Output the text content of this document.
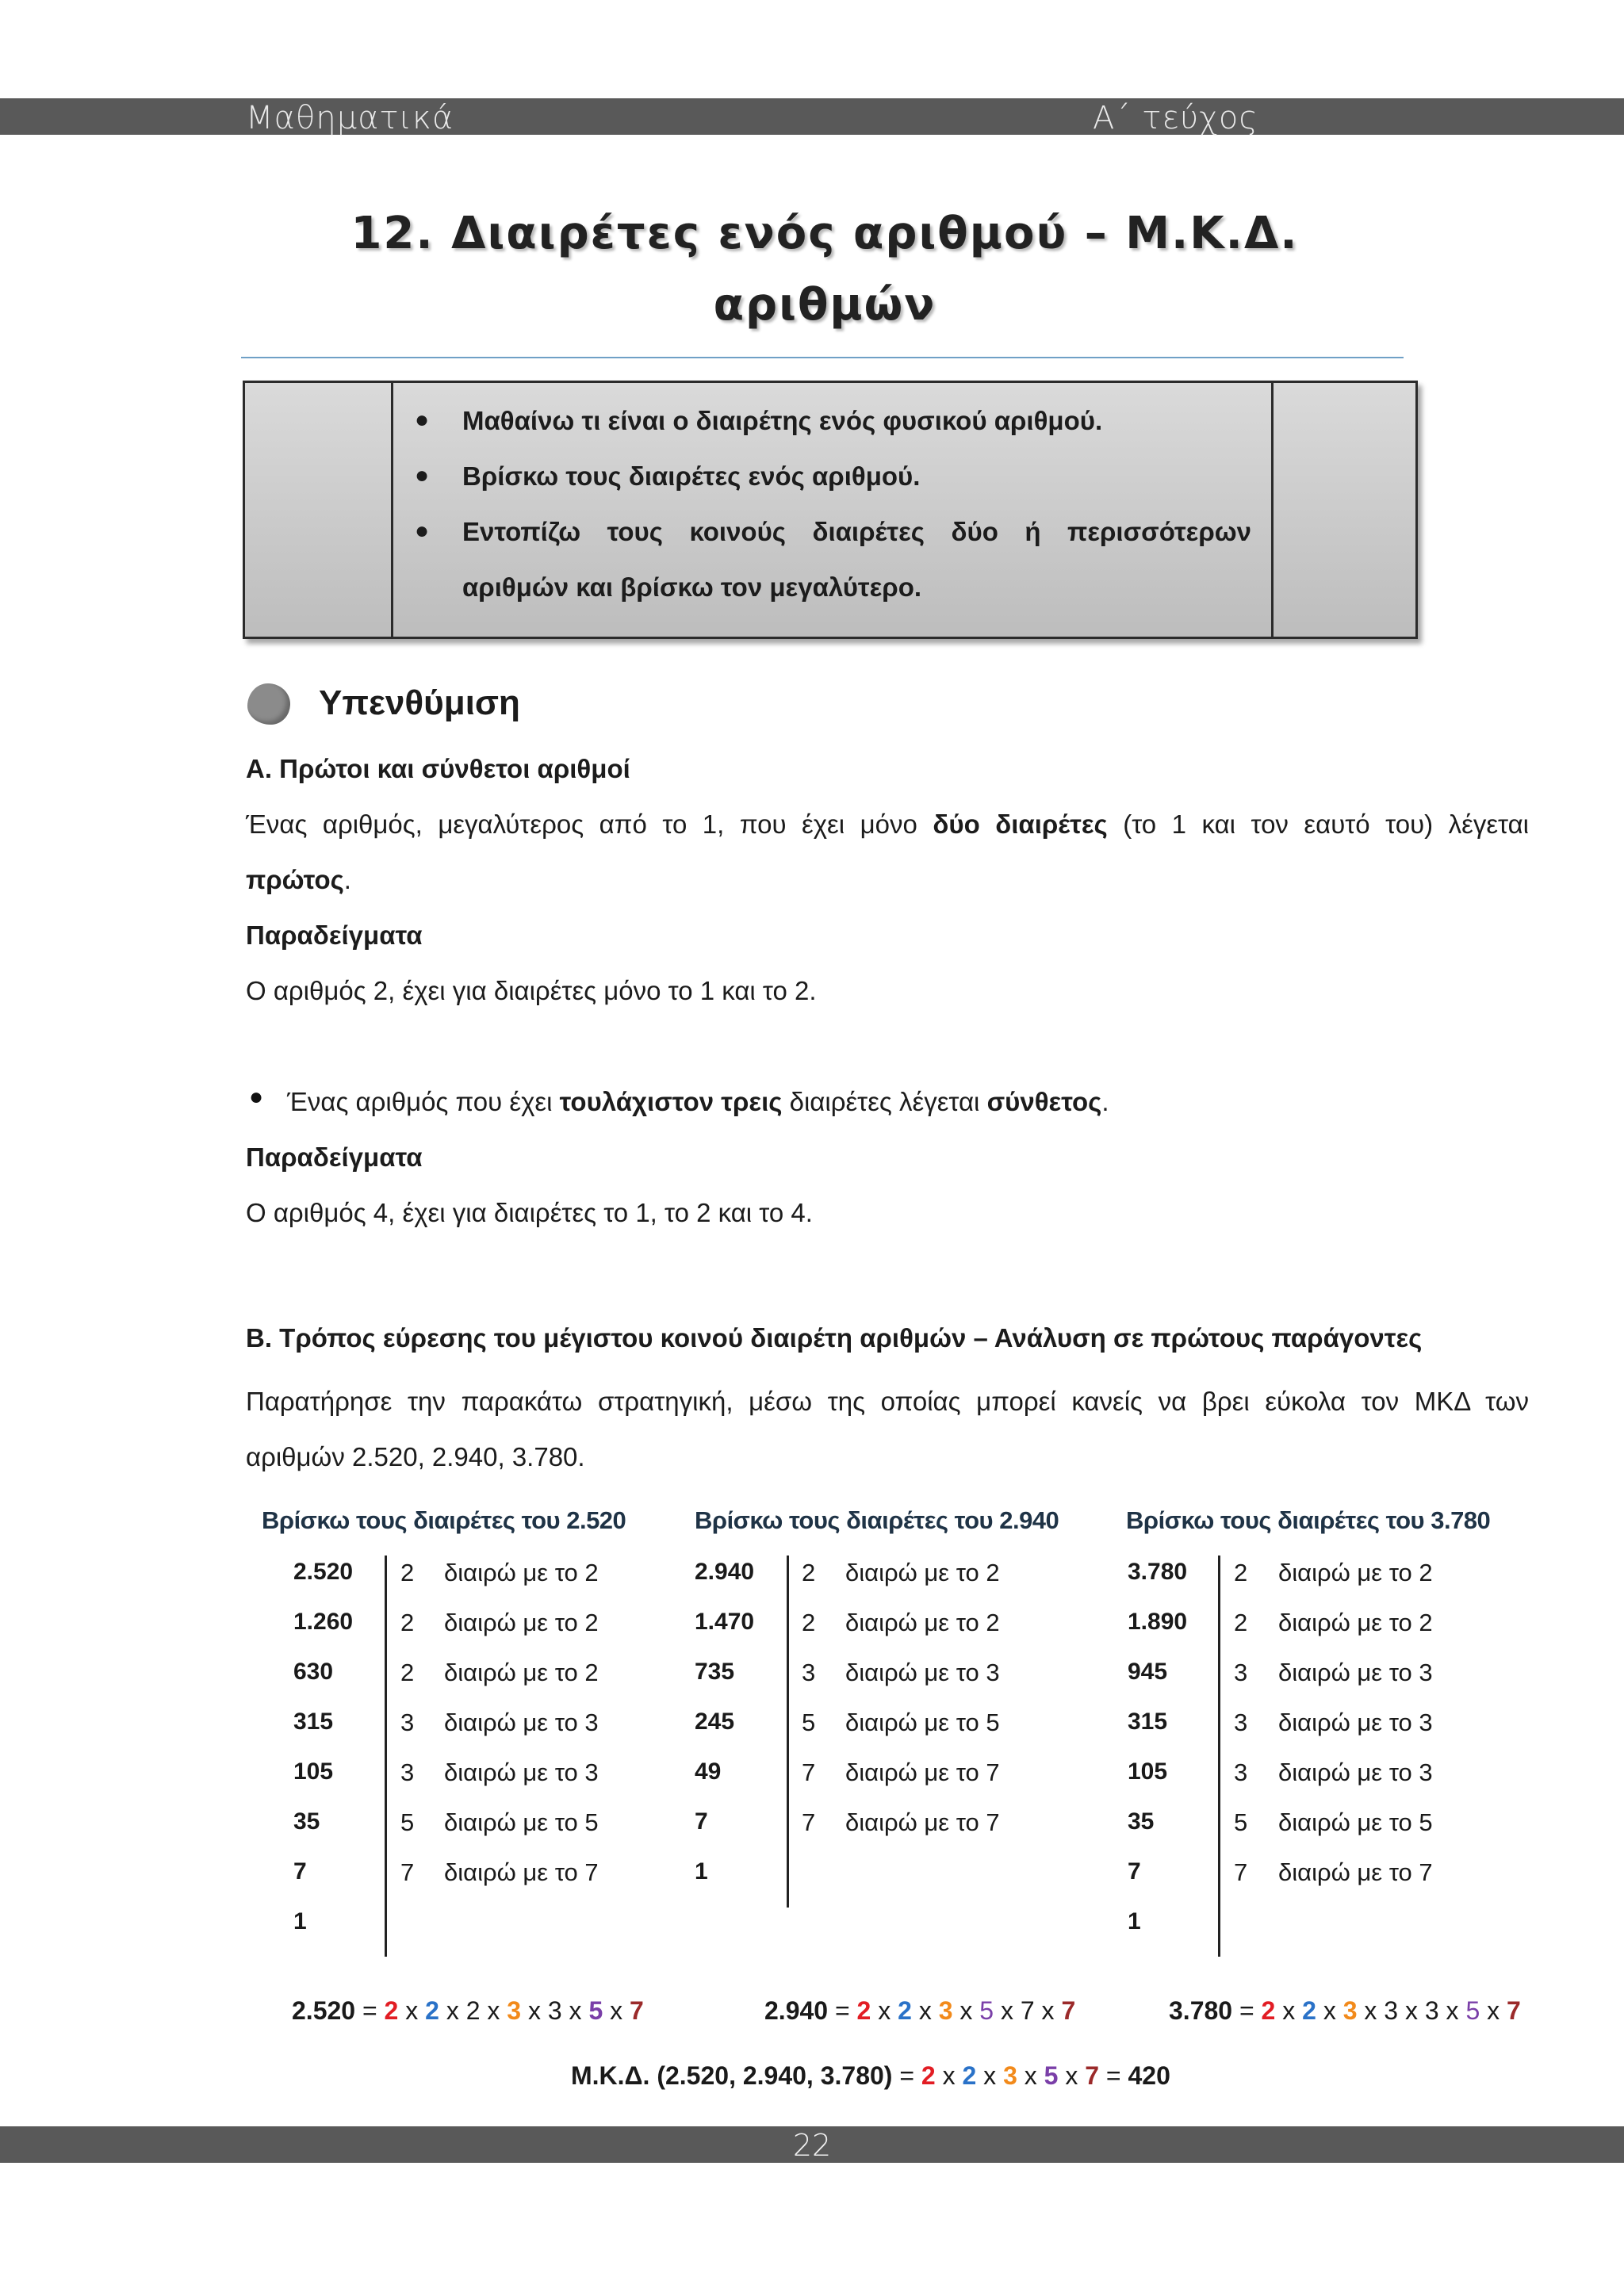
Μαθηματικά	Α΄ τεύχος
12. Διαιρέτες ενός αριθμού – Μ.Κ.Δ.
αριθμών
● Μαθαίνω τι είναι ο διαιρέτης ενός φυσικού αριθμού.
● Βρίσκω τους διαιρέτες ενός αριθμού.
● Εντοπίζω τους κοινούς διαιρέτες δύο ή περισσότερων
αριθμών και βρίσκω τον μεγαλύτερο.
Υπενθύμιση
Α. Πρώτοι και σύνθετοι αριθμοί
Ένας αριθμός, μεγαλύτερος από το 1, που έχει μόνο δύο διαιρέτες (το 1 και τον εαυτό του) λέγεται
πρώτος.
Παραδείγματα
Ο αριθμός 2, έχει για διαιρέτες μόνο το 1 και το 2.
● Ένας αριθμός που έχει τουλάχιστον τρεις διαιρέτες λέγεται σύνθετος.
Παραδείγματα
Ο αριθμός 4, έχει για διαιρέτες το 1, το 2 και το 4.
Β. Τρόπος εύρεσης του μέγιστου κοινού διαιρέτη αριθμών – Ανάλυση σε πρώτους παράγοντες
Παρατήρησε την παρακάτω στρατηγική, μέσω της οποίας μπορεί κανείς να βρει εύκολα τον ΜΚΔ των
αριθμών 2.520, 2.940, 3.780.
Βρίσκω τους διαιρέτες του 2.520
2.520 2 διαιρώ με το 2
1.260 2 διαιρώ με το 2
630	2 διαιρώ με το 2
315	3 διαιρώ με το 3
105	3 διαιρώ με το 3
35	5 διαιρώ με το 5
7	7 διαιρώ με το 7
1
Βρίσκω τους διαιρέτες του 2.940
2.940 2 διαιρώ με το 2
1.470 2 διαιρώ με το 2
735	3 διαιρώ με το 3
245	5 διαιρώ με το 5
49	7 διαιρώ με το 7
7	7 διαιρώ με το 7
1
Βρίσκω τους διαιρέτες του 3.780
3.780 2 διαιρώ με το 2
1.890 2 διαιρώ με το 2
945	3 διαιρώ με το 3
315	3 διαιρώ με το 3
105	3 διαιρώ με το 3
35	5 διαιρώ με το 5
7	7 διαιρώ με το 7
1
2.520 = 2 x 2 x 2 x 3 x 3 x 5 x 7	2.940 = 2 x 2 x 3 x 5 x 7 x 7	3.780 = 2 x 2 x 3 x 3 x 3 x 5 x 7
Μ.Κ.Δ. (2.520, 2.940, 3.780) = 2 x 2 x 3 x 5 x 7 = 420
22
